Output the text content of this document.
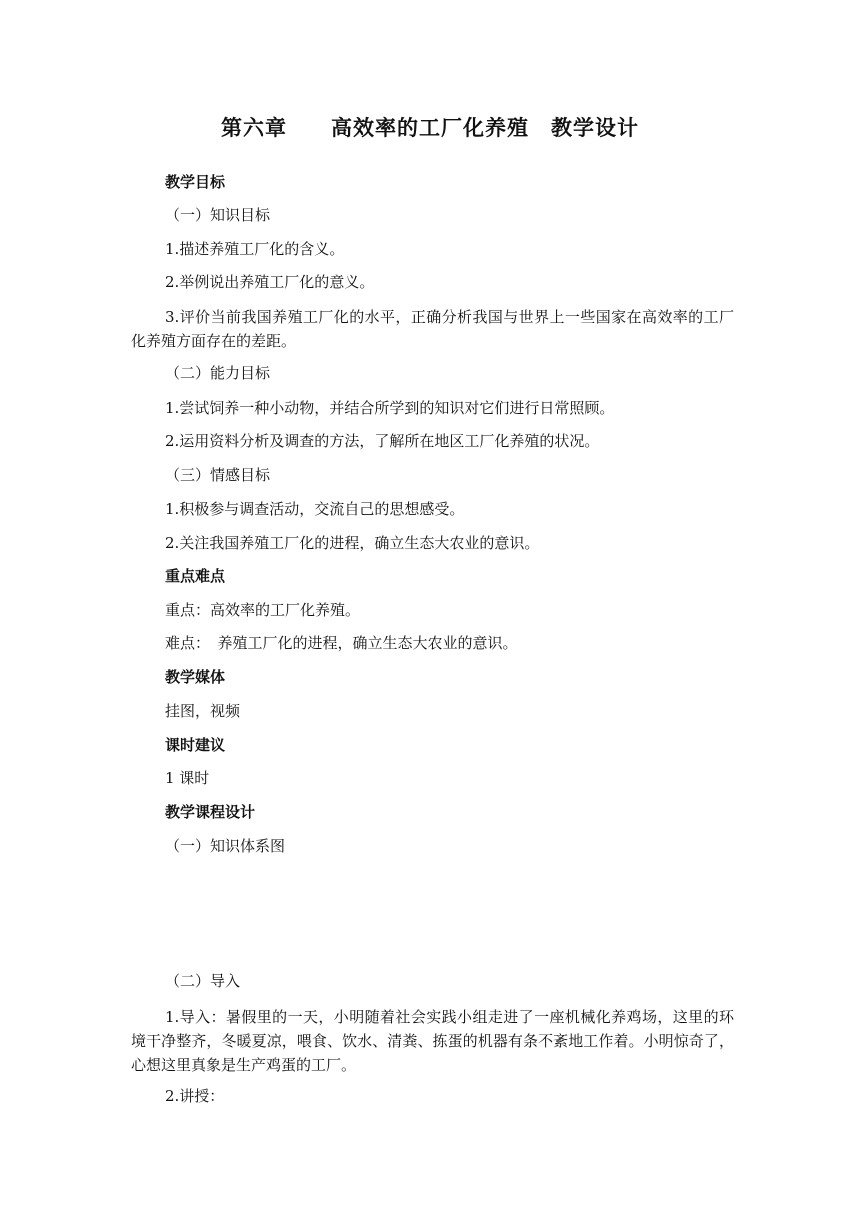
第六章　　高效率的工厂化养殖　教学设计
教学目标
（一）知识目标
1.描述养殖工厂化的含义。
2.举例说出养殖工厂化的意义。
3.评价当前我国养殖工厂化的水平，正确分析我国与世界上一些国家在高效率的工厂化养殖方面存在的差距。
（二）能力目标
1.尝试饲养一种小动物，并结合所学到的知识对它们进行日常照顾。
2.运用资料分析及调查的方法，了解所在地区工厂化养殖的状况。
（三）情感目标
1.积极参与调查活动，交流自己的思想感受。
2.关注我国养殖工厂化的进程，确立生态大农业的意识。
重点难点
重点：高效率的工厂化养殖。
难点：　养殖工厂化的进程，确立生态大农业的意识。
教学媒体
挂图，视频
课时建议
1 课时
教学课程设计
（一）知识体系图
（二）导入
1.导入：暑假里的一天，小明随着社会实践小组走进了一座机械化养鸡场，这里的环境干净整齐，冬暖夏凉，喂食、饮水、清粪、拣蛋的机器有条不紊地工作着。小明惊奇了，心想这里真象是生产鸡蛋的工厂。
2.讲授：
